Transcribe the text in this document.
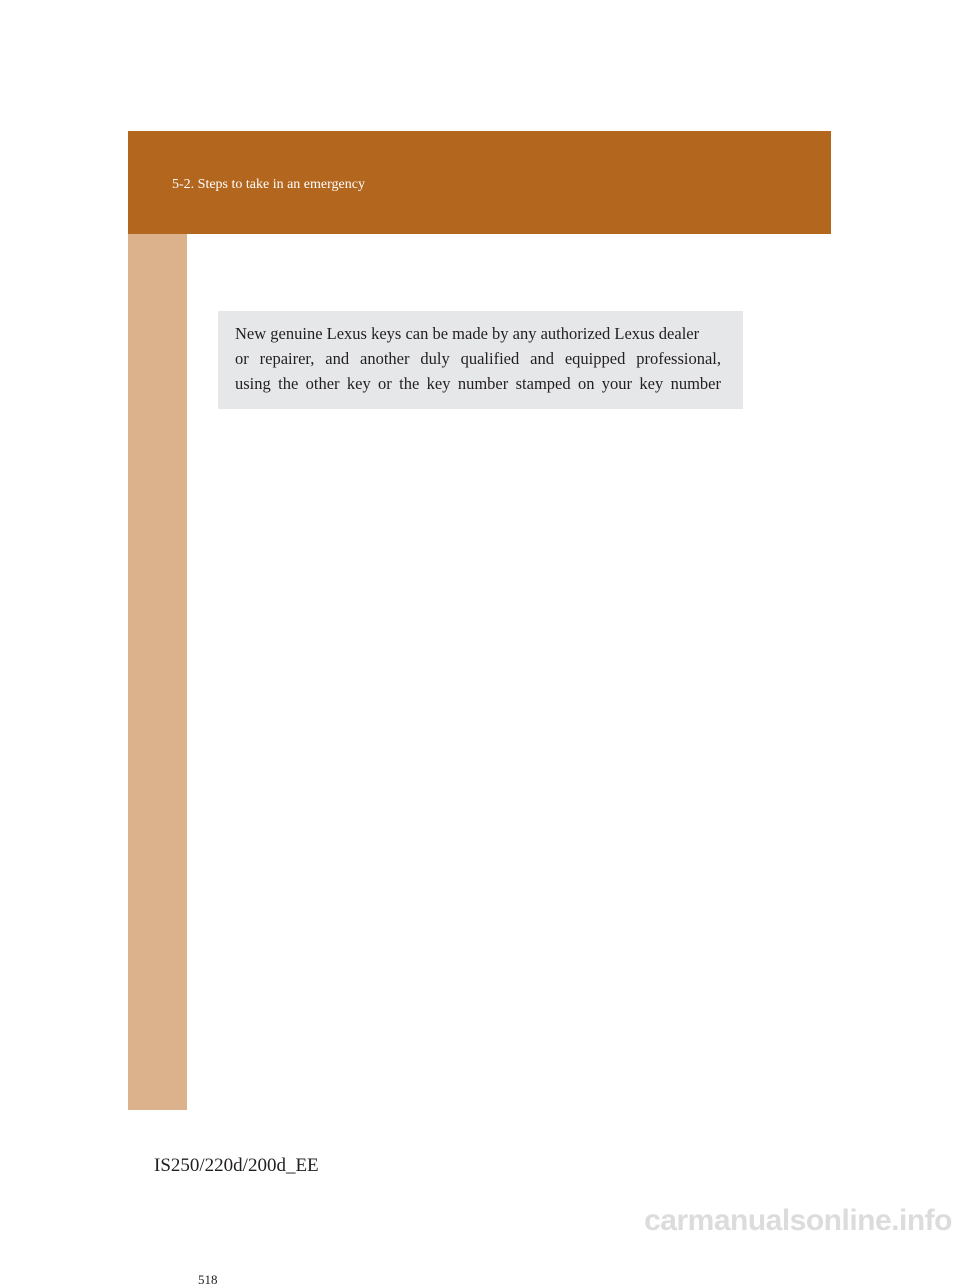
5-2. Steps to take in an emergency
518
New genuine Lexus keys can be made by any authorized Lexus dealer
or repairer, and another duly qualified and equipped professional,
using the other key or the key number stamped on your key number
IS250/220d/200d_EE
carmanualsonline.info
